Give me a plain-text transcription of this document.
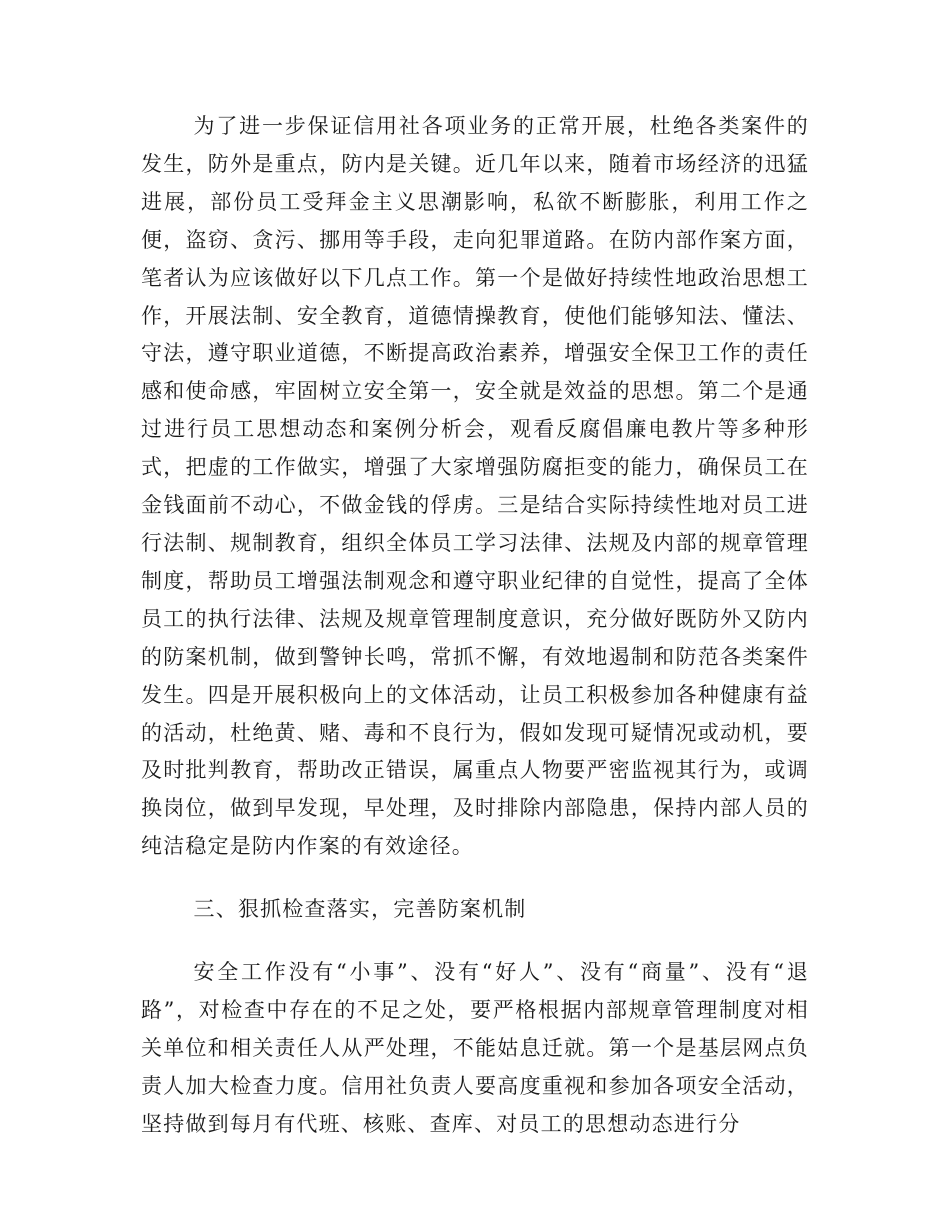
为了进一步保证信用社各项业务的正常开展，杜绝各类案件的发生，防外是重点，防内是关键。近几年以来，随着市场经济的迅猛进展，部份员工受拜金主义思潮影响，私欲不断膨胀，利用工作之便，盗窃、贪污、挪用等手段，走向犯罪道路。在防内部作案方面，笔者认为应该做好以下几点工作。第一个是做好持续性地政治思想工作，开展法制、安全教育，道德情操教育，使他们能够知法、懂法、守法，遵守职业道德，不断提高政治素养，增强安全保卫工作的责任感和使命感，牢固树立安全第一，安全就是效益的思想。第二个是通过进行员工思想动态和案例分析会，观看反腐倡廉电教片等多种形式，把虚的工作做实，增强了大家增强防腐拒变的能力，确保员工在金钱面前不动心，不做金钱的俘虏。三是结合实际持续性地对员工进行法制、规制教育，组织全体员工学习法律、法规及内部的规章管理制度，帮助员工增强法制观念和遵守职业纪律的自觉性，提高了全体员工的执行法律、法规及规章管理制度意识，充分做好既防外又防内的防案机制，做到警钟长鸣，常抓不懈，有效地遏制和防范各类案件发生。四是开展积极向上的文体活动，让员工积极参加各种健康有益的活动，杜绝黄、赌、毒和不良行为，假如发现可疑情况或动机，要及时批判教育，帮助改正错误，属重点人物要严密监视其行为，或调换岗位，做到早发现，早处理，及时排除内部隐患，保持内部人员的纯洁稳定是防内作案的有效途径。

三、狠抓检查落实，完善防案机制

安全工作没有“小事”、没有“好人”、没有“商量”、没有“退路”，对检查中存在的不足之处，要严格根据内部规章管理制度对相关单位和相关责任人从严处理，不能姑息迁就。第一个是基层网点负责人加大检查力度。信用社负责人要高度重视和参加各项安全活动，坚持做到每月有代班、核账、查库、对员工的思想动态进行分
